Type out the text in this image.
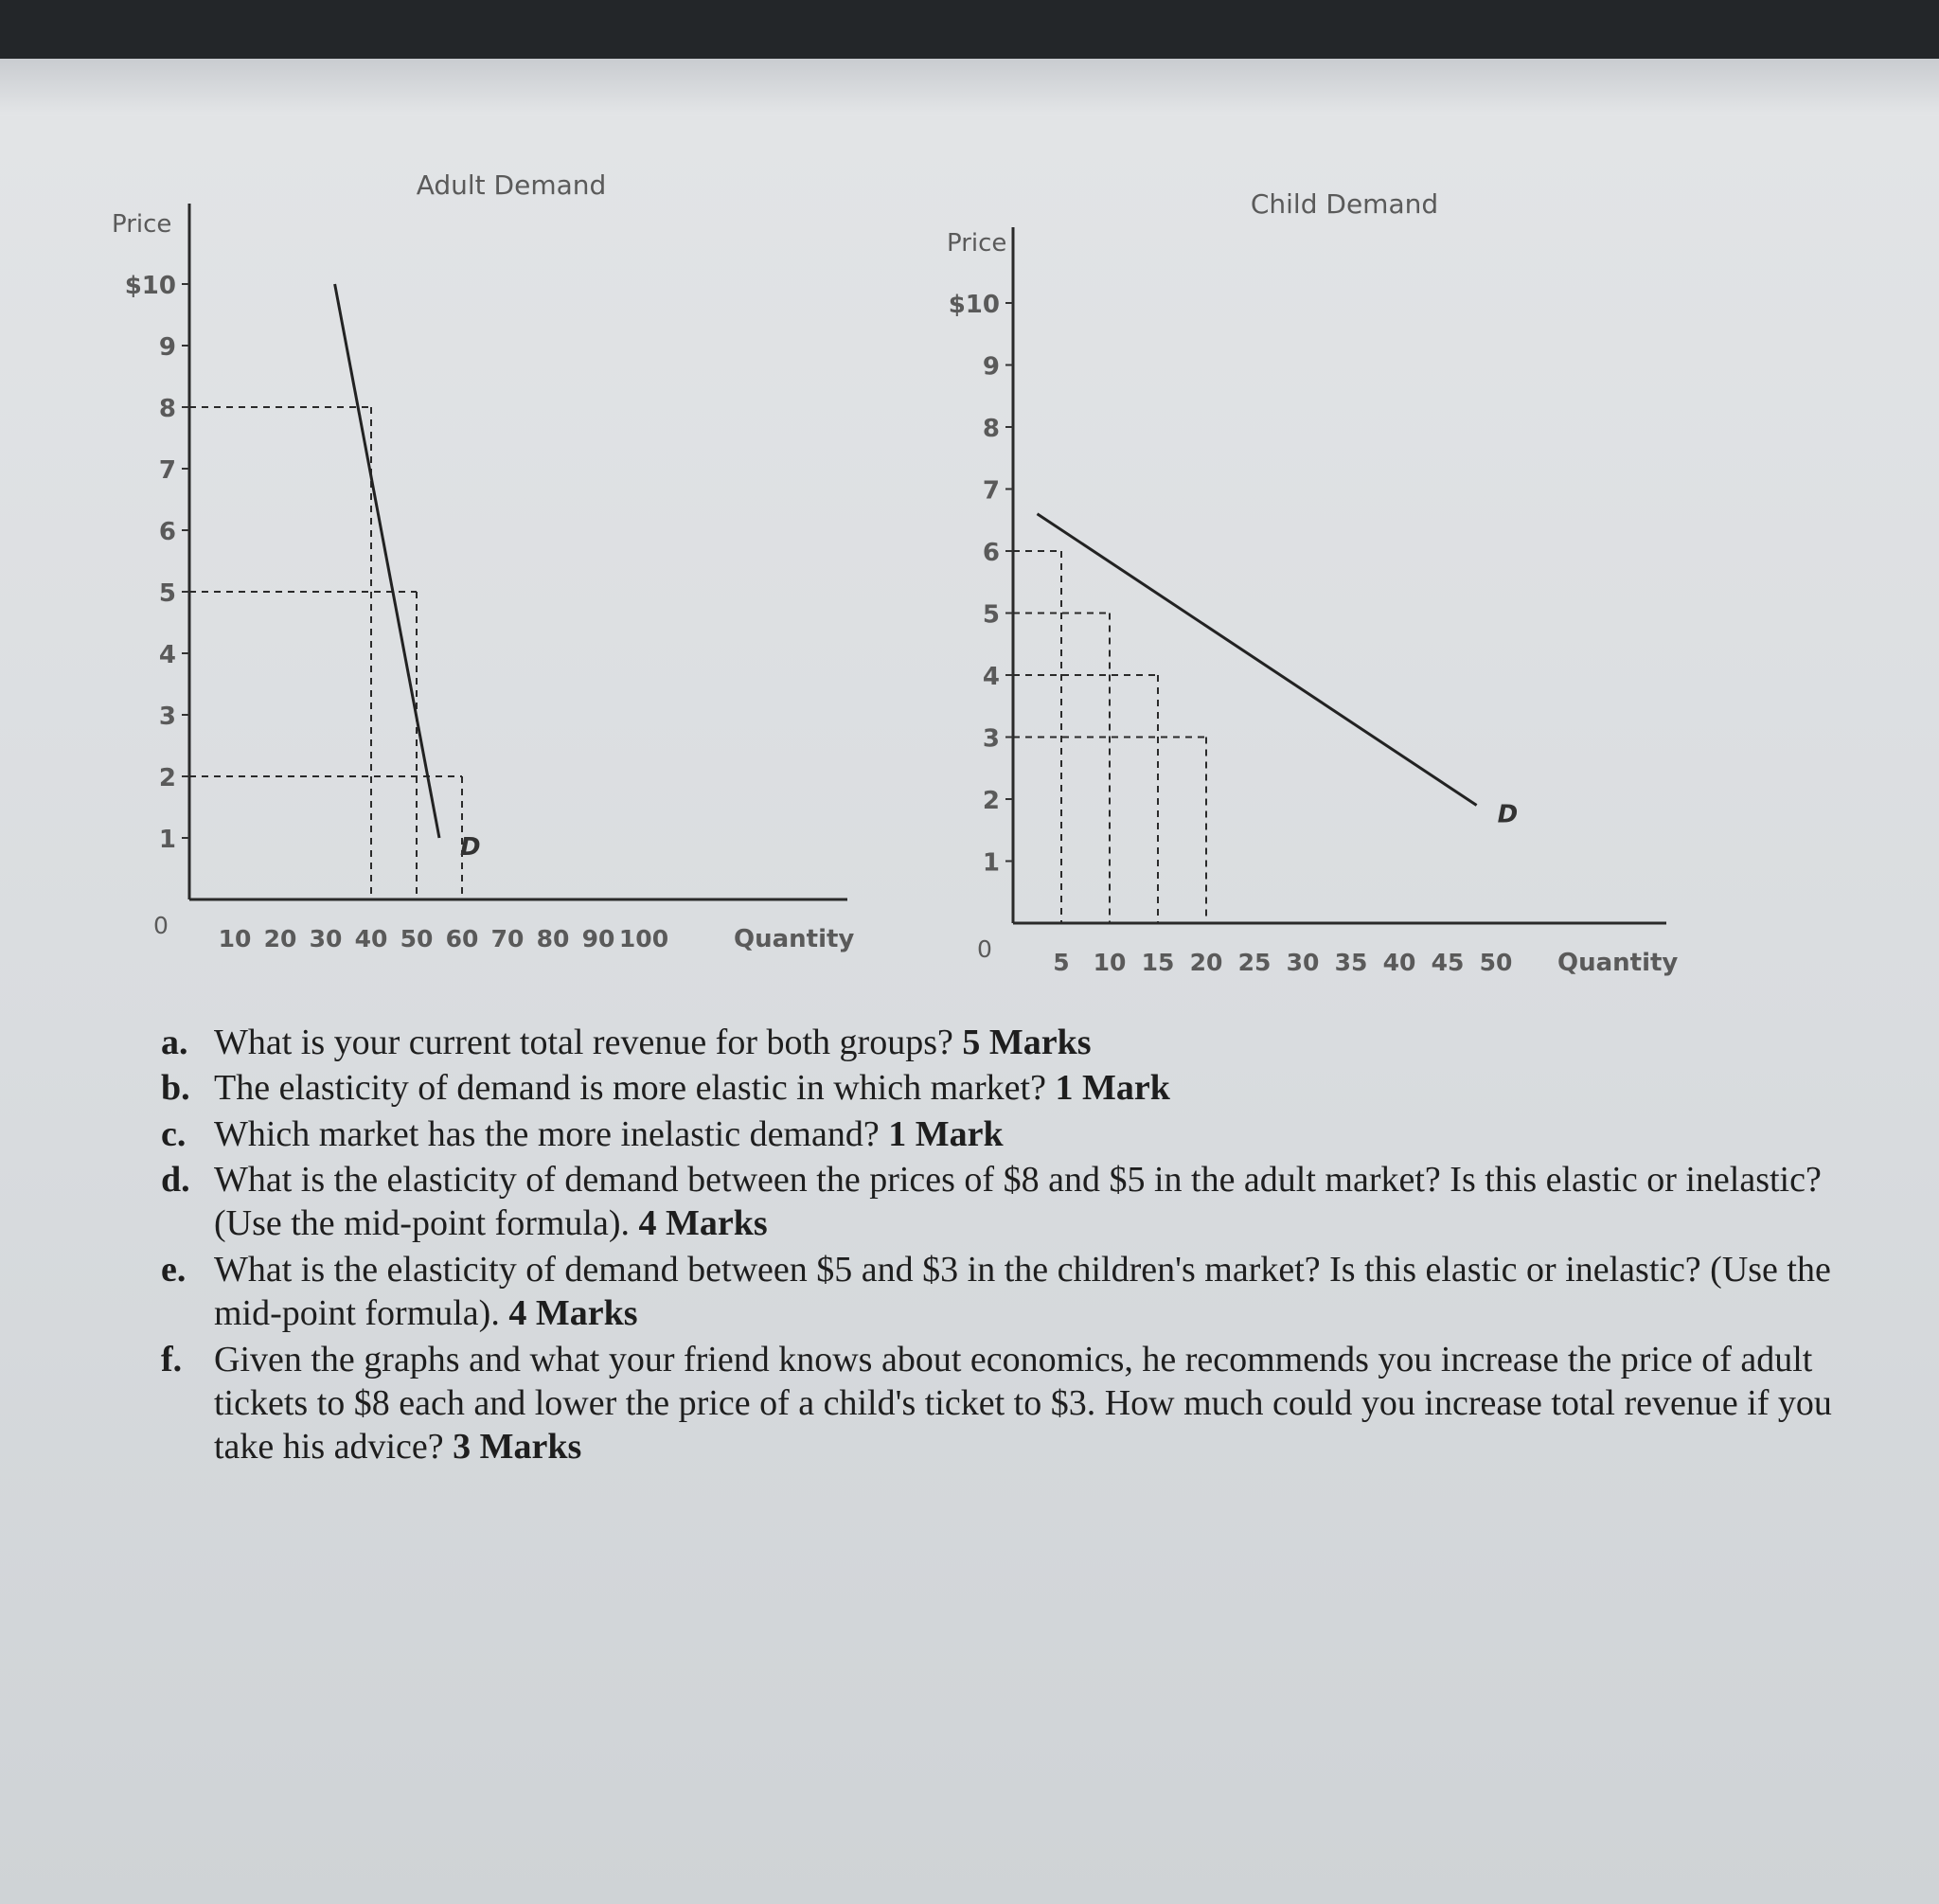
Adult Demand
Price
Quantity
0
$10
9
8
7
6
5
4
3
2
1
10 20 30 40 50 60 70 80 90 100
D
Child Demand
Price
Quantity
0
$10
9
8
7
6
5
4
3
2
1
5 10 15 20 25 30 35 40 45 50
D
a. What is your current total revenue for both groups? 5 Marks
b. The elasticity of demand is more elastic in which market? 1 Mark
c. Which market has the more inelastic demand? 1 Mark
d. What is the elasticity of demand between the prices of $8 and $5 in the adult market? Is this elastic or inelastic? (Use the mid-point formula). 4 Marks
e. What is the elasticity of demand between $5 and $3 in the children's market? Is this elastic or inelastic? (Use the mid-point formula). 4 Marks
f. Given the graphs and what your friend knows about economics, he recommends you increase the price of adult tickets to $8 each and lower the price of a child's ticket to $3. How much could you increase total revenue if you take his advice? 3 Marks
